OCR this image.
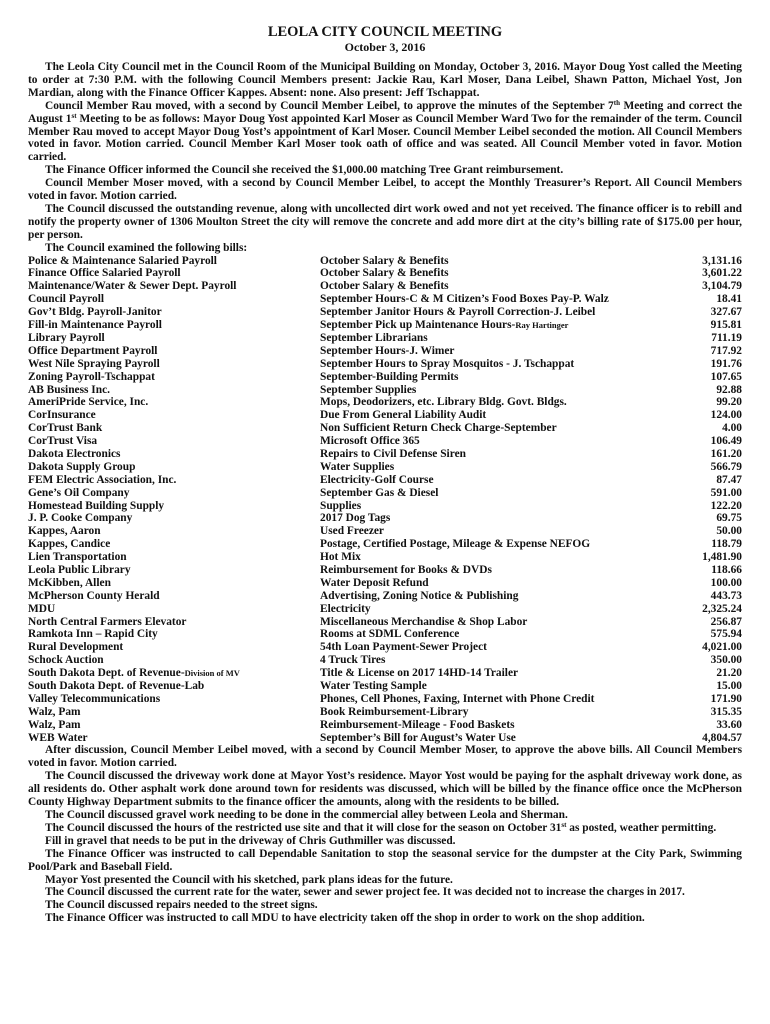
LEOLA CITY COUNCIL MEETING
October 3, 2016

The Leola City Council met in the Council Room of the Municipal Building on Monday, October 3, 2016. Mayor Doug Yost called the Meeting to order at 7:30 P.M. with the following Council Members present: Jackie Rau, Karl Moser, Dana Leibel, Shawn Patton, Michael Yost, Jon Mardian, along with the Finance Officer Kappes. Absent: none. Also present: Jeff Tschappat.

Council Member Rau moved, with a second by Council Member Leibel, to approve the minutes of the September 7th Meeting and correct the August 1st Meeting to be as follows: Mayor Doug Yost appointed Karl Moser as Council Member Ward Two for the remainder of the term. Council Member Rau moved to accept Mayor Doug Yost’s appointment of Karl Moser. Council Member Leibel seconded the motion. All Council Members voted in favor. Motion carried. Council Member Karl Moser took oath of office and was seated. All Council Member voted in favor. Motion carried.

The Finance Officer informed the Council she received the $1,000.00 matching Tree Grant reimbursement.

Council Member Moser moved, with a second by Council Member Leibel, to accept the Monthly Treasurer’s Report. All Council Members voted in favor. Motion carried.

The Council discussed the outstanding revenue, along with uncollected dirt work owed and not yet received. The finance officer is to rebill and notify the property owner of 1306 Moulton Street the city will remove the concrete and add more dirt at the city’s billing rate of $175.00 per hour, per person.

The Council examined the following bills:

Police & Maintenance Salaried Payroll	October Salary & Benefits	3,131.16
Finance Office Salaried Payroll	October Salary & Benefits	3,601.22
Maintenance/Water & Sewer Dept. Payroll	October Salary & Benefits	3,104.79
Council Payroll	September Hours-C & M Citizen’s Food Boxes Pay-P. Walz	18.41
Gov’t Bldg. Payroll-Janitor	September Janitor Hours & Payroll Correction-J. Leibel	327.67
Fill-in Maintenance Payroll	September Pick up Maintenance Hours-Ray Hartinger	915.81
Library Payroll	September Librarians	711.19
Office Department Payroll	September Hours-J. Wimer	717.92
West Nile Spraying Payroll	September Hours to Spray Mosquitos - J. Tschappat	191.76
Zoning Payroll-Tschappat	September-Building Permits	107.65
AB Business Inc.	September Supplies	92.88
AmeriPride Service, Inc.	Mops, Deodorizers, etc. Library Bldg. Govt. Bldgs.	99.20
CorInsurance	Due From General Liability Audit	124.00
CorTrust Bank	Non Sufficient Return Check Charge-September	4.00
CorTrust Visa	Microsoft Office 365	106.49
Dakota Electronics	Repairs to Civil Defense Siren	161.20
Dakota Supply Group	Water Supplies	566.79
FEM Electric Association, Inc.	Electricity-Golf Course	87.47
Gene’s Oil Company	September Gas & Diesel	591.00
Homestead Building Supply	Supplies	122.20
J. P. Cooke Company	2017 Dog Tags	69.75
Kappes, Aaron	Used Freezer	50.00
Kappes, Candice	Postage, Certified Postage, Mileage & Expense NEFOG	118.79
Lien Transportation	Hot Mix	1,481.90
Leola Public Library	Reimbursement for Books & DVDs	118.66
McKibben, Allen	Water Deposit Refund	100.00
McPherson County Herald	Advertising, Zoning Notice & Publishing	443.73
MDU	Electricity	2,325.24
North Central Farmers Elevator	Miscellaneous Merchandise & Shop Labor	256.87
Ramkota Inn – Rapid City	Rooms at SDML Conference	575.94
Rural Development	54th Loan Payment-Sewer Project	4,021.00
Schock Auction	4 Truck Tires	350.00
South Dakota Dept. of Revenue-Division of MV	Title & License on 2017 14HD-14 Trailer	21.20
South Dakota Dept. of Revenue-Lab	Water Testing Sample	15.00
Valley Telecommunications	Phones, Cell Phones, Faxing, Internet with Phone Credit	171.90
Walz, Pam	Book Reimbursement-Library	315.35
Walz, Pam	Reimbursement-Mileage - Food Baskets	33.60
WEB Water	September’s Bill for August’s Water Use	4,804.57

After discussion, Council Member Leibel moved, with a second by Council Member Moser, to approve the above bills. All Council Members voted in favor. Motion carried.

The Council discussed the driveway work done at Mayor Yost’s residence. Mayor Yost would be paying for the asphalt driveway work done, as all residents do. Other asphalt work done around town for residents was discussed, which will be billed by the finance office once the McPherson County Highway Department submits to the finance officer the amounts, along with the residents to be billed.

The Council discussed gravel work needing to be done in the commercial alley between Leola and Sherman.

The Council discussed the hours of the restricted use site and that it will close for the season on October 31st as posted, weather permitting.

Fill in gravel that needs to be put in the driveway of Chris Guthmiller was discussed.

The Finance Officer was instructed to call Dependable Sanitation to stop the seasonal service for the dumpster at the City Park, Swimming Pool/Park and Baseball Field.

Mayor Yost presented the Council with his sketched, park plans ideas for the future.

The Council discussed the current rate for the water, sewer and sewer project fee. It was decided not to increase the charges in 2017.

The Council discussed repairs needed to the street signs.

The Finance Officer was instructed to call MDU to have electricity taken off the shop in order to work on the shop addition.
